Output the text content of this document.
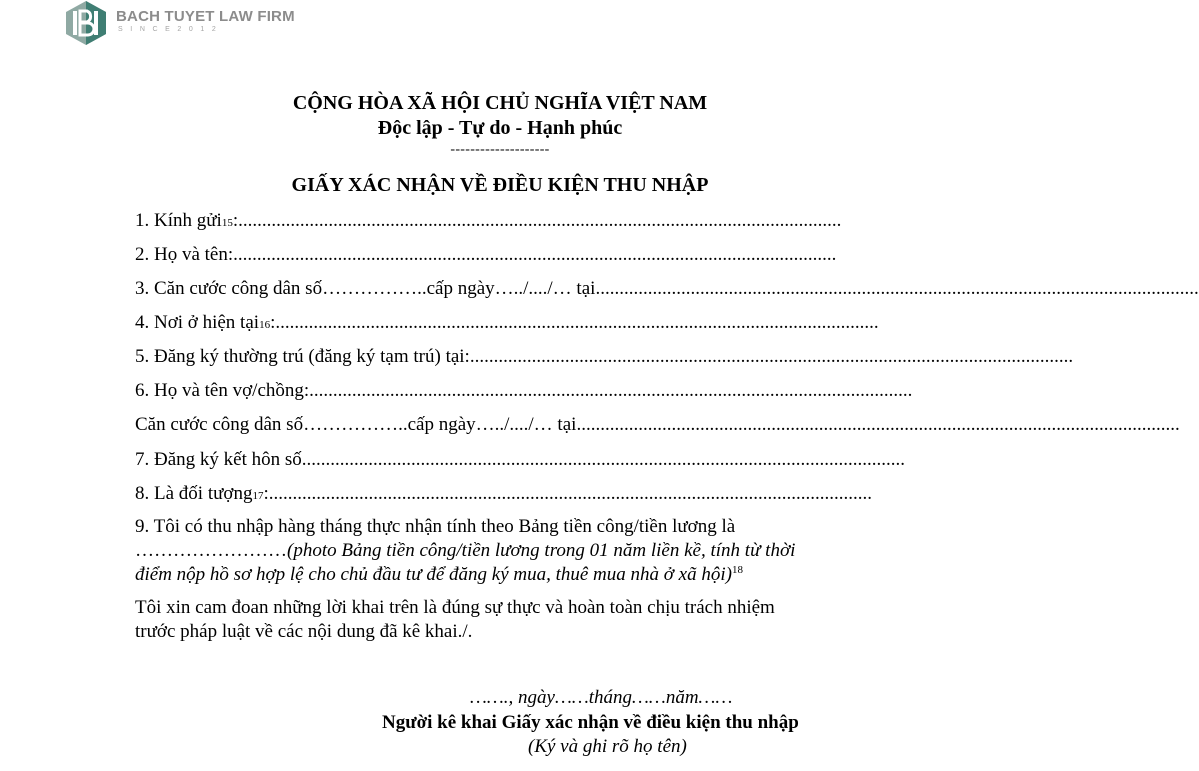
BACH TUYET LAW FIRM
SINCE2012
CỘNG HÒA XÃ HỘI CHỦ NGHĨA VIỆT NAM
Độc lập - Tự do - Hạnh phúc
--------------------
GIẤY XÁC NHẬN VỀ ĐIỀU KIỆN THU NHẬP
1. Kính gửi 15 : ...............................................................................................................................
2. Họ và tên: ...............................................................................................................................
3. Căn cước công dân số……………..cấp ngày…../..../… tại ...............................................................................................................................
4. Nơi ở hiện tại 16 : ...............................................................................................................................
5. Đăng ký thường trú (đăng ký tạm trú) tại: ...............................................................................................................................
6. Họ và tên vợ/chồng: ...............................................................................................................................
Căn cước công dân số……………..cấp ngày…../..../… tại ...............................................................................................................................
7. Đăng ký kết hôn số ...............................................................................................................................
8. Là đối tượng 17 : ...............................................................................................................................
9. Tôi có thu nhập hàng tháng thực nhận tính theo Bảng tiền công/tiền lương là
……………………(photo Bảng tiền công/tiền lương trong 01 năm liền kề, tính từ thời
điểm nộp hồ sơ hợp lệ cho chủ đầu tư để đăng ký mua, thuê mua nhà ở xã hội)$^{18}$
Tôi xin cam đoan những lời khai trên là đúng sự thực và hoàn toàn chịu trách nhiệm
trước pháp luật về các nội dung đã kê khai./.
……., ngày……tháng……năm……
Người kê khai Giấy xác nhận về điều kiện thu nhập
(Ký và ghi rõ họ tên)
